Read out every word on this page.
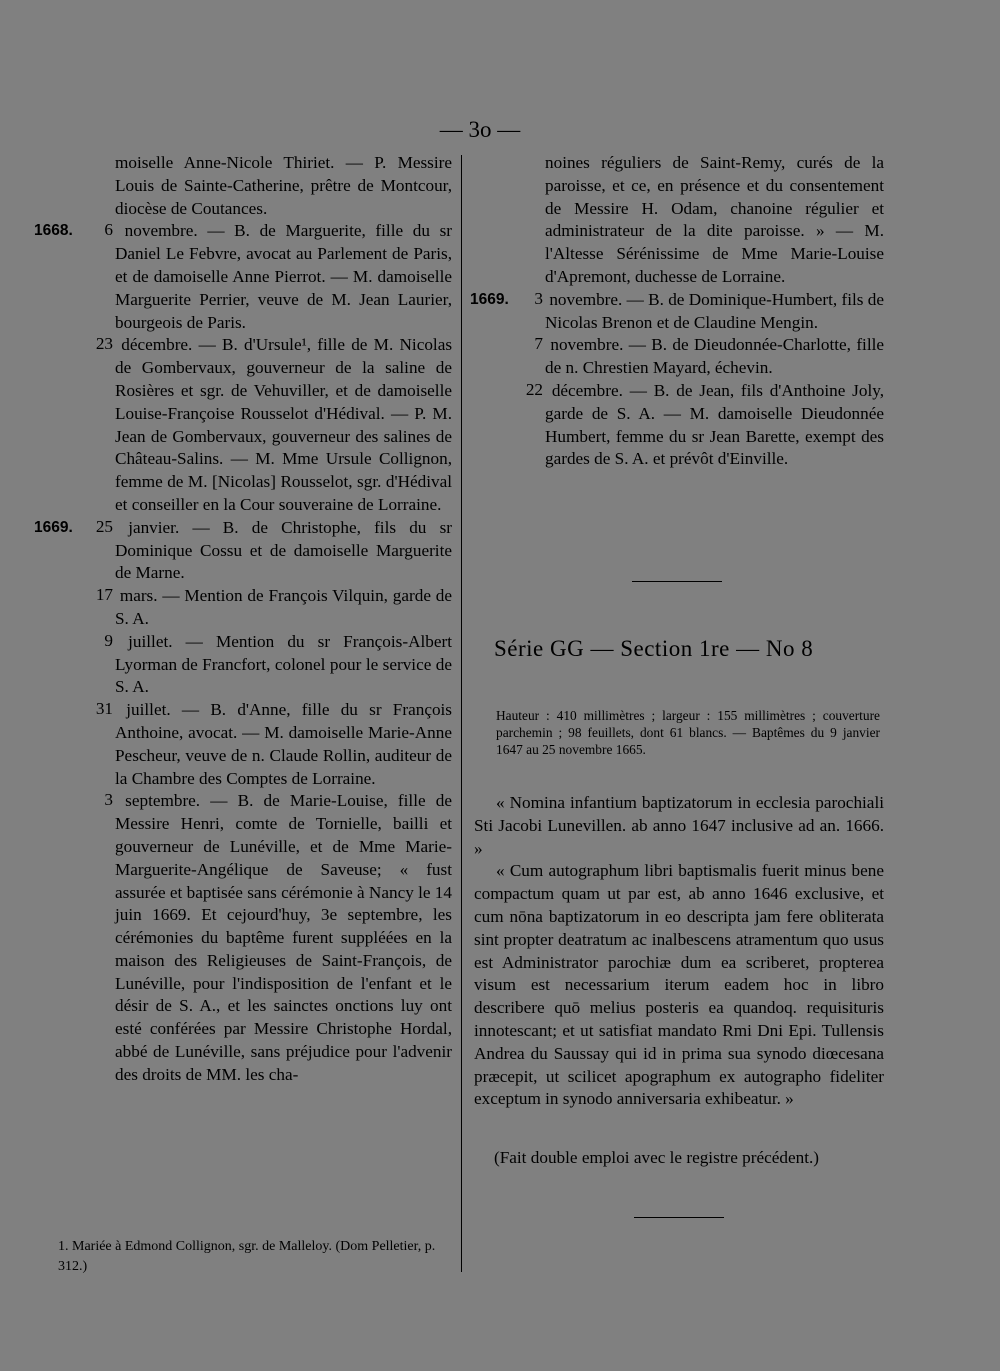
— 3o —

moiselle Anne-Nicole Thiriet. — P. Messire Louis de Sainte-Catherine, prêtre de Montcour, diocèse de Coutances.

1668. 6 novembre. — B. de Marguerite, fille du sr Daniel Le Febvre, avocat au Parlement de Paris, et de damoiselle Anne Pierrot. — M. damoiselle Marguerite Perrier, veuve de M. Jean Laurier, bourgeois de Paris.
23 décembre. — B. d'Ursule¹, fille de M. Nicolas de Gombervaux, gouverneur de la saline de Rosières et sgr. de Vehuviller, et de damoiselle Louise-Françoise Rousselot d'Hédival. — P. M. Jean de Gombervaux, gouverneur des salines de Château-Salins. — M. Mme Ursule Collignon, femme de M. [Nicolas] Rousselot, sgr. d'Hédival et conseiller en la Cour souveraine de Lorraine.
1669. 25 janvier. — B. de Christophe, fils du sr Dominique Cossu et de damoiselle Marguerite de Marne.
17 mars. — Mention de François Vilquin, garde de S. A.
9 juillet. — Mention du sr François-Albert Lyorman de Francfort, colonel pour le service de S. A.
31 juillet. — B. d'Anne, fille du sr François Anthoine, avocat. — M. damoiselle Marie-Anne Pescheur, veuve de n. Claude Rollin, auditeur de la Chambre des Comptes de Lorraine.
3 septembre. — B. de Marie-Louise, fille de Messire Henri, comte de Tornielle, bailli et gouverneur de Lunéville, et de Mme Marie-Marguerite-Angélique de Saveuse; « fust assurée et baptisée sans cérémonie à Nancy le 14 juin 1669. Et cejourd'huy, 3e septembre, les cérémonies du baptême furent suppléées en la maison des Religieuses de Saint-François, de Lunéville, pour l'indisposition de l'enfant et le désir de S. A., et les sainctes onctions luy ont esté conférées par Messire Christophe Hordal, abbé de Lunéville, sans préjudice pour l'advenir des droits de MM. les cha-

noines réguliers de Saint-Remy, curés de la paroisse, et ce, en présence et du consentement de Messire H. Odam, chanoine régulier et administrateur de la dite paroisse. » — M. l'Altesse Sérénissime de Mme Marie-Louise d'Apremont, duchesse de Lorraine.

1669. 3 novembre. — B. de Dominique-Humbert, fils de Nicolas Brenon et de Claudine Mengin.
7 novembre. — B. de Dieudonnée-Charlotte, fille de n. Chrestien Mayard, échevin.
22 décembre. — B. de Jean, fils d'Anthoine Joly, garde de S. A. — M. damoiselle Dieudonnée Humbert, femme du sr Jean Barette, exempt des gardes de S. A. et prévôt d'Einville.
Série GG — Section 1re — No 8
Hauteur : 410 millimètres ; largeur : 155 millimètres ; couverture parchemin ; 98 feuillets, dont 61 blancs. — Baptêmes du 9 janvier 1647 au 25 novembre 1665.

« Nomina infantium baptizatorum in ecclesia parochiali Sti Jacobi Lunevillen. ab anno 1647 inclusive ad an. 1666. »

« Cum autographum libri baptismalis fuerit minus bene compactum quam ut par est, ab anno 1646 exclusive, et cum nōna baptizatorum in eo descripta jam fere obliterata sint propter deatratum ac inalbescens atramentum quo usus est Administrator parochiæ dum ea scriberet, propterea visum est necessarium iterum eadem hoc in libro describere quō melius posteris ea quandoq. requisituris innotescant; et ut satisfiat mandato Rmi Dni Epi. Tullensis Andrea du Saussay qui id in prima sua synodo diœcesana præcepit, ut scilicet apographum ex autographo fideliter exceptum in synodo anniversaria exhibeatur. »

(Fait double emploi avec le registre précédent.)
1. Mariée à Edmond Collignon, sgr. de Malleloy. (Dom Pelletier, p. 312.)
